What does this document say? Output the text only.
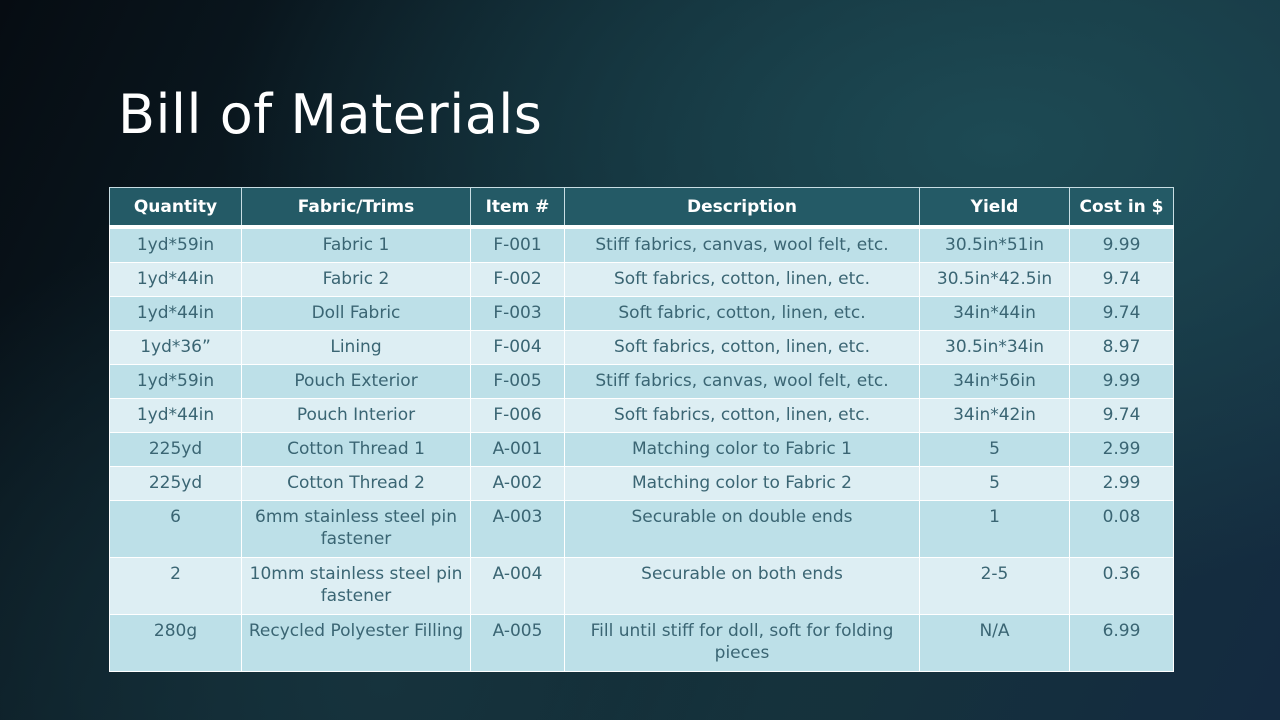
Bill of Materials
Quantity	Fabric/Trims	Item #	Description	Yield	Cost in $
1yd*59in	Fabric 1	F-001	Stiff fabrics, canvas, wool felt, etc.	30.5in*51in	9.99
1yd*44in	Fabric 2	F-002	Soft fabrics, cotton, linen, etc.	30.5in*42.5in	9.74
1yd*44in	Doll Fabric	F-003	Soft fabric, cotton, linen, etc.	34in*44in	9.74
1yd*36”	Lining	F-004	Soft fabrics, cotton, linen, etc.	30.5in*34in	8.97
1yd*59in	Pouch Exterior	F-005	Stiff fabrics, canvas, wool felt, etc.	34in*56in	9.99
1yd*44in	Pouch Interior	F-006	Soft fabrics, cotton, linen, etc.	34in*42in	9.74
225yd	Cotton Thread 1	A-001	Matching color to Fabric 1	5	2.99
225yd	Cotton Thread 2	A-002	Matching color to Fabric 2	5	2.99
6	6mm stainless steel pin fastener	A-003	Securable on double ends	1	0.08
2	10mm stainless steel pin fastener	A-004	Securable on both ends	2-5	0.36
280g	Recycled Polyester Filling	A-005	Fill until stiff for doll, soft for folding pieces	N/A	6.99
